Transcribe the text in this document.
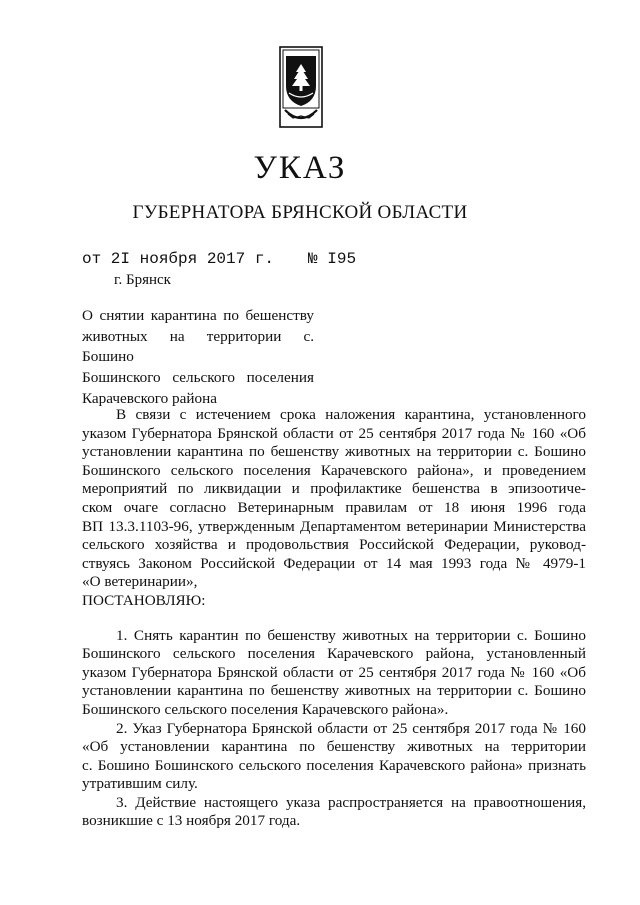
УКАЗ
ГУБЕРНАТОРА БРЯНСКОЙ ОБЛАСТИ
от 2I ноября 2017 г. № I95
г. Брянск
О снятии карантина по бешенству
животных на территории с. Бошино
Бошинского сельского поселения
Карачевского района
В связи с истечением срока наложения карантина, установленного
указом Губернатора Брянской области от 25 сентября 2017 года № 160 «Об
установлении карантина по бешенству животных на территории с. Бошино
Бошинского сельского поселения Карачевского района», и проведением
мероприятий по ликвидации и профилактике бешенства в эпизоотиче-
ском очаге согласно Ветеринарным правилам от 18 июня 1996 года
ВП 13.3.1103-96, утвержденным Департаментом ветеринарии Министерства
сельского хозяйства и продовольствия Российской Федерации, руковод-
ствуясь Законом Российской Федерации от 14 мая 1993 года № 4979-1
«О ветеринарии»,
ПОСТАНОВЛЯЮ:
1. Снять карантин по бешенству животных на территории с. Бошино
Бошинского сельского поселения Карачевского района, установленный
указом Губернатора Брянской области от 25 сентября 2017 года № 160 «Об
установлении карантина по бешенству животных на территории с. Бошино
Бошинского сельского поселения Карачевского района».
2. Указ Губернатора Брянской области от 25 сентября 2017 года № 160
«Об установлении карантина по бешенству животных на территории
с. Бошино Бошинского сельского поселения Карачевского района» признать
утратившим силу.
3. Действие настоящего указа распространяется на правоотношения,
возникшие с 13 ноября 2017 года.
